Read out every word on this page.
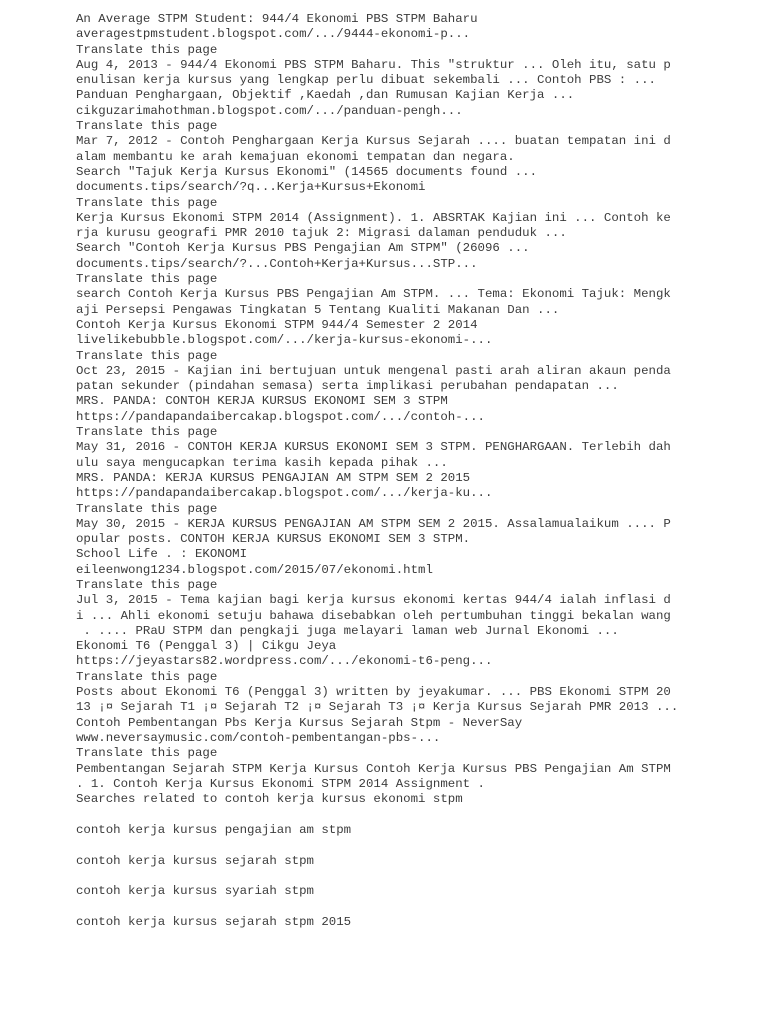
An Average STPM Student: 944/4 Ekonomi PBS STPM Baharu
averagestpmstudent.blogspot.com/.../9444-ekonomi-p...
Translate this page
Aug 4, 2013 - 944/4 Ekonomi PBS STPM Baharu. This "struktur ... Oleh itu, satu p
enulisan kerja kursus yang lengkap perlu dibuat sekembali ... Contoh PBS : ...
Panduan Penghargaan, Objektif ,Kaedah ,dan Rumusan Kajian Kerja ...
cikguzarimahothman.blogspot.com/.../panduan-pengh...
Translate this page
Mar 7, 2012 - Contoh Penghargaan Kerja Kursus Sejarah .... buatan tempatan ini d
alam membantu ke arah kemajuan ekonomi tempatan dan negara.
Search "Tajuk Kerja Kursus Ekonomi" (14565 documents found ...
documents.tips/search/?q...Kerja+Kursus+Ekonomi
Translate this page
Kerja Kursus Ekonomi STPM 2014 (Assignment). 1. ABSRTAK Kajian ini ... Contoh ke
rja kurusu geografi PMR 2010 tajuk 2: Migrasi dalaman penduduk ...
Search "Contoh Kerja Kursus PBS Pengajian Am STPM" (26096 ...
documents.tips/search/?...Contoh+Kerja+Kursus...STP...
Translate this page
search Contoh Kerja Kursus PBS Pengajian Am STPM. ... Tema: Ekonomi Tajuk: Mengk
aji Persepsi Pengawas Tingkatan 5 Tentang Kualiti Makanan Dan ...
Contoh Kerja Kursus Ekonomi STPM 944/4 Semester 2 2014
livelikebubble.blogspot.com/.../kerja-kursus-ekonomi-...
Translate this page
Oct 23, 2015 - Kajian ini bertujuan untuk mengenal pasti arah aliran akaun penda
patan sekunder (pindahan semasa) serta implikasi perubahan pendapatan ...
MRS. PANDA: CONTOH KERJA KURSUS EKONOMI SEM 3 STPM
https://pandapandaibercakap.blogspot.com/.../contoh-...
Translate this page
May 31, 2016 - CONTOH KERJA KURSUS EKONOMI SEM 3 STPM. PENGHARGAAN. Terlebih dah
ulu saya mengucapkan terima kasih kepada pihak ...
MRS. PANDA: KERJA KURSUS PENGAJIAN AM STPM SEM 2 2015
https://pandapandaibercakap.blogspot.com/.../kerja-ku...
Translate this page
May 30, 2015 - KERJA KURSUS PENGAJIAN AM STPM SEM 2 2015. Assalamualaikum .... P
opular posts. CONTOH KERJA KURSUS EKONOMI SEM 3 STPM.
School Life . : EKONOMI
eileenwong1234.blogspot.com/2015/07/ekonomi.html
Translate this page
Jul 3, 2015 - Tema kajian bagi kerja kursus ekonomi kertas 944/4 ialah inflasi d
i ... Ahli ekonomi setuju bahawa disebabkan oleh pertumbuhan tinggi bekalan wang
. .... PRaU STPM dan pengkaji juga melayari laman web Jurnal Ekonomi ...
Ekonomi T6 (Penggal 3) | Cikgu Jeya
https://jeyastars82.wordpress.com/.../ekonomi-t6-peng...
Translate this page
Posts about Ekonomi T6 (Penggal 3) written by jeyakumar. ... PBS Ekonomi STPM 20
13 ¡¤ Sejarah T1 ¡¤ Sejarah T2 ¡¤ Sejarah T3 ¡¤ Kerja Kursus Sejarah PMR 2013 ...
Contoh Pembentangan Pbs Kerja Kursus Sejarah Stpm - NeverSay
www.neversaymusic.com/contoh-pembentangan-pbs-...
Translate this page
Pembentangan Sejarah STPM Kerja Kursus Contoh Kerja Kursus PBS Pengajian Am STPM
. 1. Contoh Kerja Kursus Ekonomi STPM 2014 Assignment .
Searches related to contoh kerja kursus ekonomi stpm
contoh kerja kursus pengajian am stpm
contoh kerja kursus sejarah stpm
contoh kerja kursus syariah stpm
contoh kerja kursus sejarah stpm 2015
